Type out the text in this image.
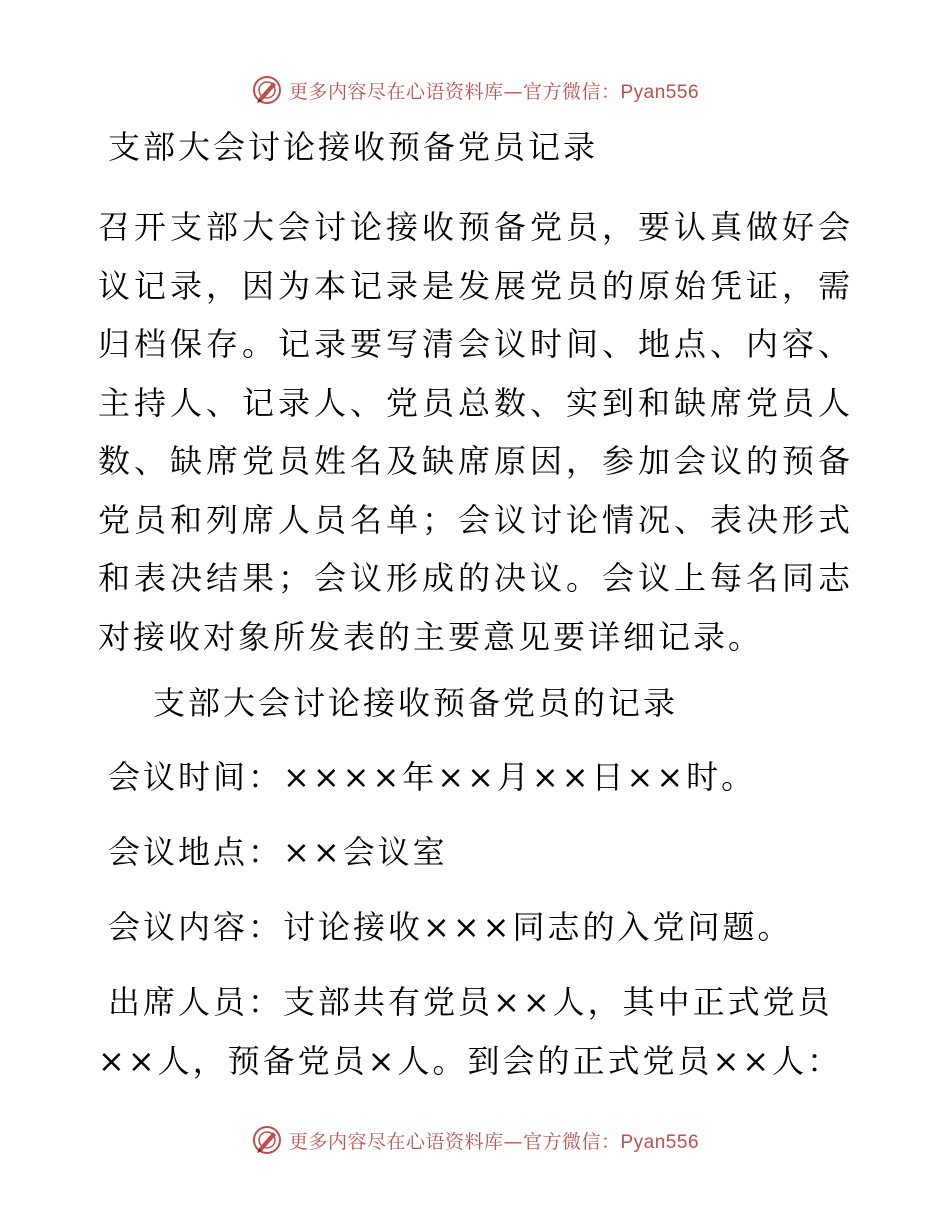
更多内容尽在心语资料库—官方微信：Pyan556
支部大会讨论接收预备党员记录
召开支部大会讨论接收预备党员，要认真做好会议记录，因为本记录是发展党员的原始凭证，需归档保存。记录要写清会议时间、地点、内容、主持人、记录人、党员总数、实到和缺席党员人数、缺席党员姓名及缺席原因，参加会议的预备党员和列席人员名单；会议讨论情况、表决形式和表决结果；会议形成的决议。会议上每名同志对接收对象所发表的主要意见要详细记录。
支部大会讨论接收预备党员的记录
会议时间：××××年××月××日××时。
会议地点：××会议室
会议内容：讨论接收×××同志的入党问题。
出席人员：支部共有党员××人，其中正式党员
××人，预备党员×人。到会的正式党员××人：
更多内容尽在心语资料库—官方微信：Pyan556
